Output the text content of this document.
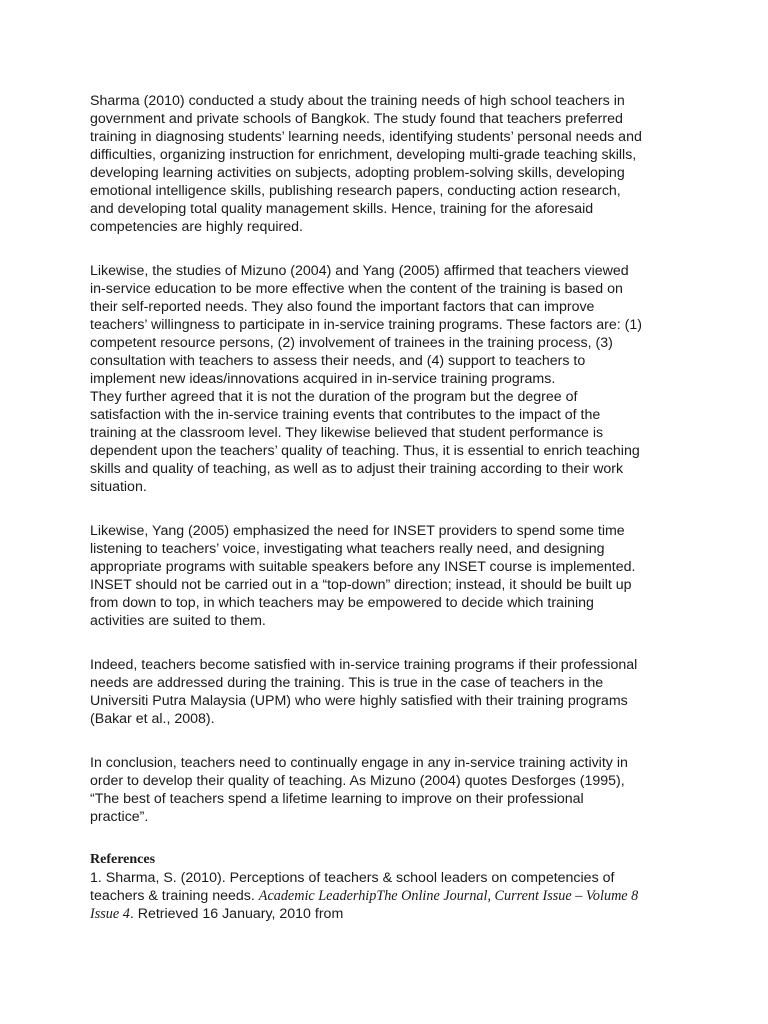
Sharma (2010) conducted a study about the training needs of high school teachers in
government and private schools of Bangkok. The study found that teachers preferred
training in diagnosing students’ learning needs, identifying students’ personal needs and
difficulties, organizing instruction for enrichment, developing multi-grade teaching skills,
developing learning activities on subjects, adopting problem-solving skills, developing
emotional intelligence skills, publishing research papers, conducting action research,
and developing total quality management skills. Hence, training for the aforesaid
competencies are highly required.

Likewise, the studies of Mizuno (2004) and Yang (2005) affirmed that teachers viewed
in-service education to be more effective when the content of the training is based on
their self-reported needs. They also found the important factors that can improve
teachers’ willingness to participate in in-service training programs. These factors are: (1)
competent resource persons, (2) involvement of trainees in the training process, (3)
consultation with teachers to assess their needs, and (4) support to teachers to
implement new ideas/innovations acquired in in-service training programs.

They further agreed that it is not the duration of the program but the degree of
satisfaction with the in-service training events that contributes to the impact of the
training at the classroom level. They likewise believed that student performance is
dependent upon the teachers’ quality of teaching. Thus, it is essential to enrich teaching
skills and quality of teaching, as well as to adjust their training according to their work
situation.

Likewise, Yang (2005) emphasized the need for INSET providers to spend some time
listening to teachers’ voice, investigating what teachers really need, and designing
appropriate programs with suitable speakers before any INSET course is implemented.
INSET should not be carried out in a “top-down” direction; instead, it should be built up
from down to top, in which teachers may be empowered to decide which training
activities are suited to them.

Indeed, teachers become satisfied with in-service training programs if their professional
needs are addressed during the training. This is true in the case of teachers in the
Universiti Putra Malaysia (UPM) who were highly satisfied with their training programs
(Bakar et al., 2008).

In conclusion, teachers need to continually engage in any in-service training activity in
order to develop their quality of teaching. As Mizuno (2004) quotes Desforges (1995),
“The best of teachers spend a lifetime learning to improve on their professional
practice”.

References

1. Sharma, S. (2010). Perceptions of teachers & school leaders on competencies of
teachers & training needs. Academic LeaderhipThe Online Journal, Current Issue – Volume 8
Issue 4. Retrieved 16 January, 2010 from
